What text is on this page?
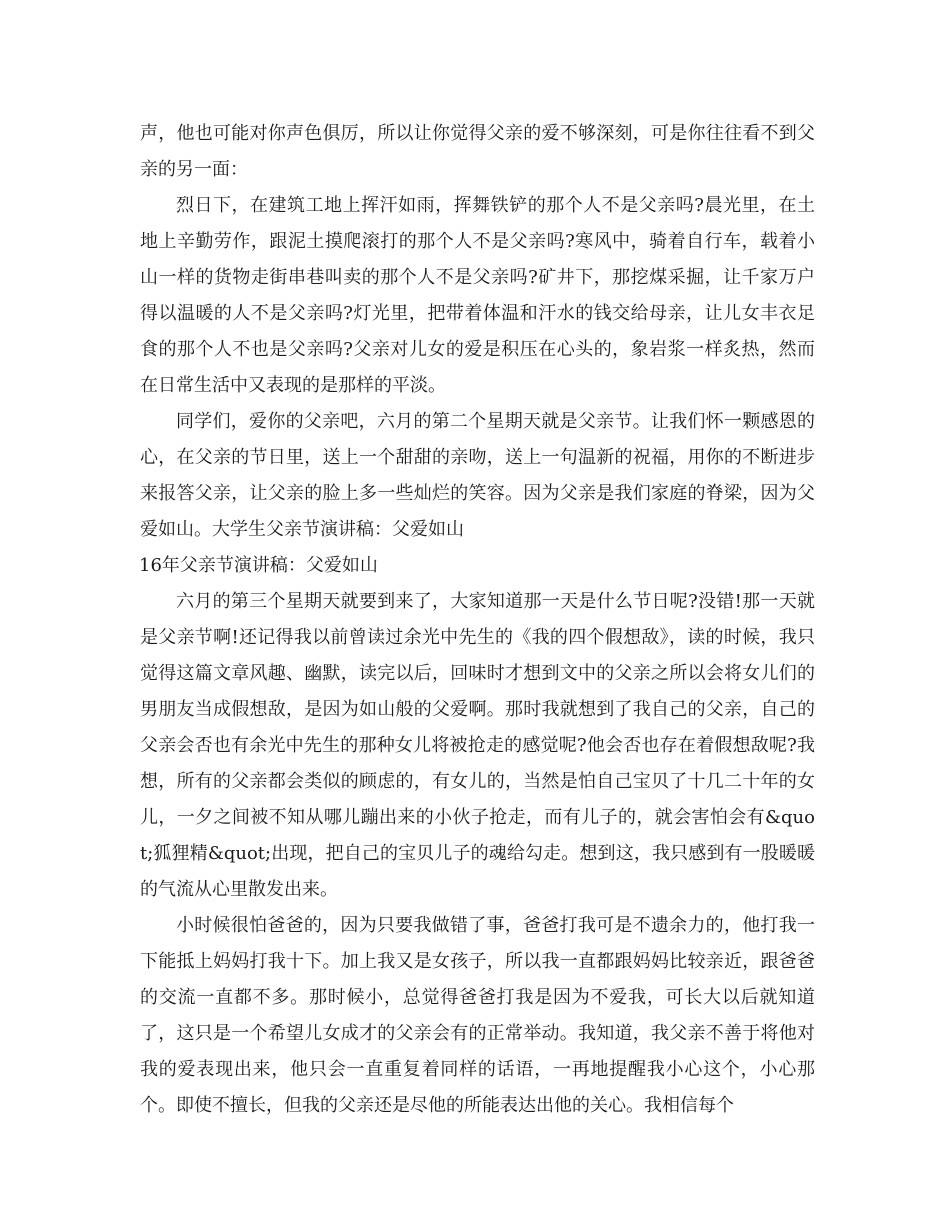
声，他也可能对你声色俱厉，所以让你觉得父亲的爱不够深刻，可是你往往看不到父亲的另一面：

烈日下，在建筑工地上挥汗如雨，挥舞铁铲的那个人不是父亲吗?晨光里，在土地上辛勤劳作，跟泥土摸爬滚打的那个人不是父亲吗?寒风中，骑着自行车，载着小山一样的货物走街串巷叫卖的那个人不是父亲吗?矿井下，那挖煤采掘，让千家万户得以温暖的人不是父亲吗?灯光里，把带着体温和汗水的钱交给母亲，让儿女丰衣足食的那个人不也是父亲吗?父亲对儿女的爱是积压在心头的，象岩浆一样炙热，然而在日常生活中又表现的是那样的平淡。

同学们，爱你的父亲吧，六月的第二个星期天就是父亲节。让我们怀一颗感恩的心，在父亲的节日里，送上一个甜甜的亲吻，送上一句温新的祝福，用你的不断进步来报答父亲，让父亲的脸上多一些灿烂的笑容。因为父亲是我们家庭的脊梁，因为父爱如山。大学生父亲节演讲稿：父爱如山

16年父亲节演讲稿：父爱如山

六月的第三个星期天就要到来了，大家知道那一天是什么节日呢?没错!那一天就是父亲节啊!还记得我以前曾读过余光中先生的《我的四个假想敌》，读的时候，我只觉得这篇文章风趣、幽默，读完以后，回味时才想到文中的父亲之所以会将女儿们的男朋友当成假想敌，是因为如山般的父爱啊。那时我就想到了我自己的父亲，自己的父亲会否也有余光中先生的那种女儿将被抢走的感觉呢?他会否也存在着假想敌呢?我想，所有的父亲都会类似的顾虑的，有女儿的，当然是怕自己宝贝了十几二十年的女儿，一夕之间被不知从哪儿蹦出来的小伙子抢走，而有儿子的，就会害怕会有&quot;狐狸精&quot;出现，把自己的宝贝儿子的魂给勾走。想到这，我只感到有一股暖暖的气流从心里散发出来。

小时候很怕爸爸的，因为只要我做错了事，爸爸打我可是不遗余力的，他打我一下能抵上妈妈打我十下。加上我又是女孩子，所以我一直都跟妈妈比较亲近，跟爸爸的交流一直都不多。那时候小，总觉得爸爸打我是因为不爱我，可长大以后就知道了，这只是一个希望儿女成才的父亲会有的正常举动。我知道，我父亲不善于将他对我的爱表现出来，他只会一直重复着同样的话语，一再地提醒我小心这个，小心那个。即使不擅长，但我的父亲还是尽他的所能表达出他的关心。我相信每个
